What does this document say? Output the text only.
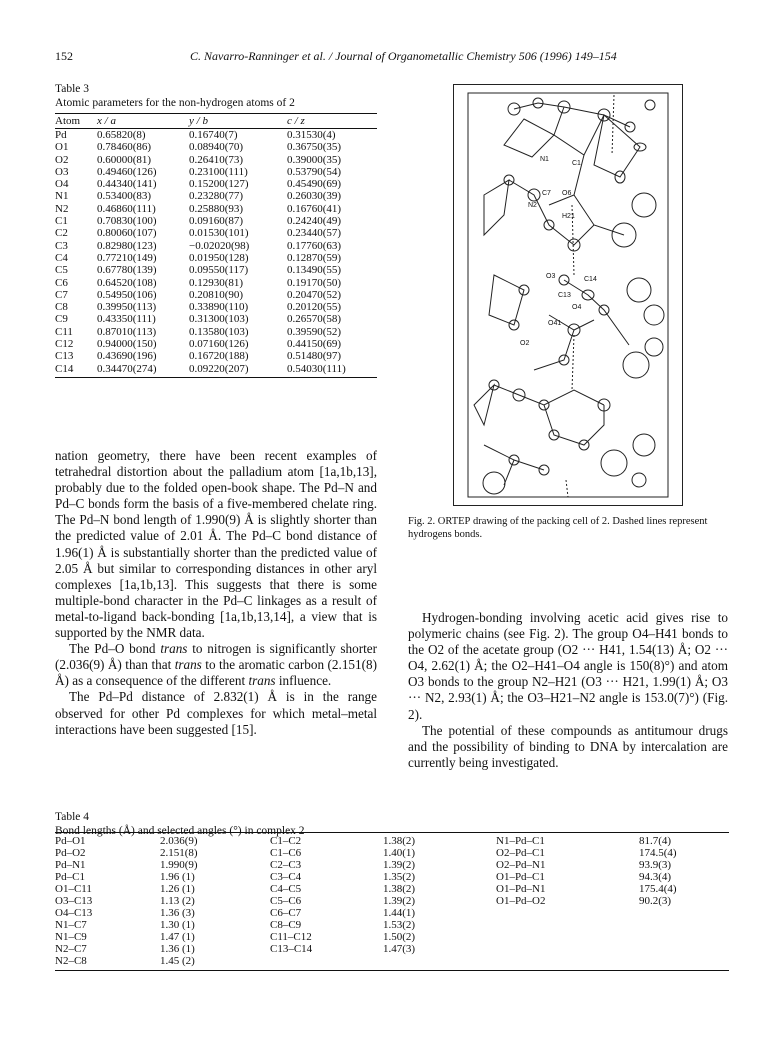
152	C. Navarro-Ranninger et al. / Journal of Organometallic Chemistry 506 (1996) 149–154
Table 3
Atomic parameters for the non-hydrogen atoms of 2
Atom	x / a	y / b	c / z
Pd	0.65820(8)	0.16740(7)	0.31530(4)
O1	0.78460(86)	0.08940(70)	0.36750(35)
O2	0.60000(81)	0.26410(73)	0.39000(35)
O3	0.49460(126)	0.23100(111)	0.53790(54)
O4	0.44340(141)	0.15200(127)	0.45490(69)
N1	0.53400(83)	0.23280(77)	0.26030(39)
N2	0.46860(111)	0.25880(93)	0.16760(41)
C1	0.70830(100)	0.09160(87)	0.24240(49)
C2	0.80060(107)	0.01530(101)	0.23440(57)
C3	0.82980(123)	−0.02020(98)	0.17760(63)
C4	0.77210(149)	0.01950(128)	0.12870(59)
C5	0.67780(139)	0.09550(117)	0.13490(55)
C6	0.64520(108)	0.12930(81)	0.19170(50)
C7	0.54950(106)	0.20810(90)	0.20470(52)
C8	0.39950(113)	0.33890(110)	0.20120(55)
C9	0.43350(111)	0.31300(103)	0.26570(58)
C11	0.87010(113)	0.13580(103)	0.39590(52)
C12	0.94000(150)	0.07160(126)	0.44150(69)
C13	0.43690(196)	0.16720(188)	0.51480(97)
C14	0.34470(274)	0.09220(207)	0.54030(111)

nation geometry, there have been recent examples of tetrahedral distortion about the palladium atom [1a,1b,13], probably due to the folded open-book shape. The Pd–N and Pd–C bonds form the basis of a five-membered chelate ring. The Pd–N bond length of 1.990(9) Å is slightly shorter than the predicted value of 2.01 Å. The Pd–C bond distance of 1.96(1) Å is substantially shorter than the predicted value of 2.05 Å but similar to corresponding distances in other aryl complexes [1a,1b,13]. This suggests that there is some multiple-bond character in the Pd–C linkages as a result of metal-to-ligand back-bonding [1a,1b,13,14], a view that is supported by the NMR data.

The Pd–O bond trans to nitrogen is significantly shorter (2.036(9) Å) than that trans to the aromatic carbon (2.151(8) Å) as a consequence of the different trans influence.

The Pd–Pd distance of 2.832(1) Å is in the range observed for other Pd complexes for which metal–metal interactions have been suggested [15].

N1
C1
C7 O6
N2
H21
O3	C14
C13
O4
O41
O2
Fig. 2. ORTEP drawing of the packing cell of 2. Dashed lines represent hydrogens bonds.

Hydrogen-bonding involving acetic acid gives rise to polymeric chains (see Fig. 2). The group O4–H41 bonds to the O2 of the acetate group (O2 ··· H41, 1.54(13) Å; O2 ··· O4, 2.62(1) Å; the O2–H41–O4 angle is 150(8)°) and atom O3 bonds to the group N2–H21 (O3 ··· H21, 1.99(1) Å; O3 ··· N2, 2.93(1) Å; the O3–H21–N2 angle is 153.0(7)°) (Fig. 2).

The potential of these compounds as antitumour drugs and the possibility of binding to DNA by intercalation are currently being investigated.

Table 4
Bond lengths (Å) and selected angles (°) in complex 2
Pd–O1	2.036(9)	C1–C2	1.38(2)	N1–Pd–C1	81.7(4)
Pd–O2	2.151(8)	C1–C6	1.40(1)	O2–Pd–C1	174.5(4)
Pd–N1	1.990(9)	C2–C3	1.39(2)	O2–Pd–N1	93.9(3)
Pd–C1	1.96 (1)	C3–C4	1.35(2)	O1–Pd–C1	94.3(4)
O1–C11	1.26 (1)	C4–C5	1.38(2)	O1–Pd–N1	175.4(4)
O3–C13	1.13 (2)	C5–C6	1.39(2)	O1–Pd–O2	90.2(3)
O4–C13	1.36 (3)	C6–C7	1.44(1)		
N1–C7	1.30 (1)	C8–C9	1.53(2)		
N1–C9	1.47 (1)	C11–C12	1.50(2)		
N2–C7	1.36 (1)	C13–C14	1.47(3)		
N2–C8	1.45 (2)				
